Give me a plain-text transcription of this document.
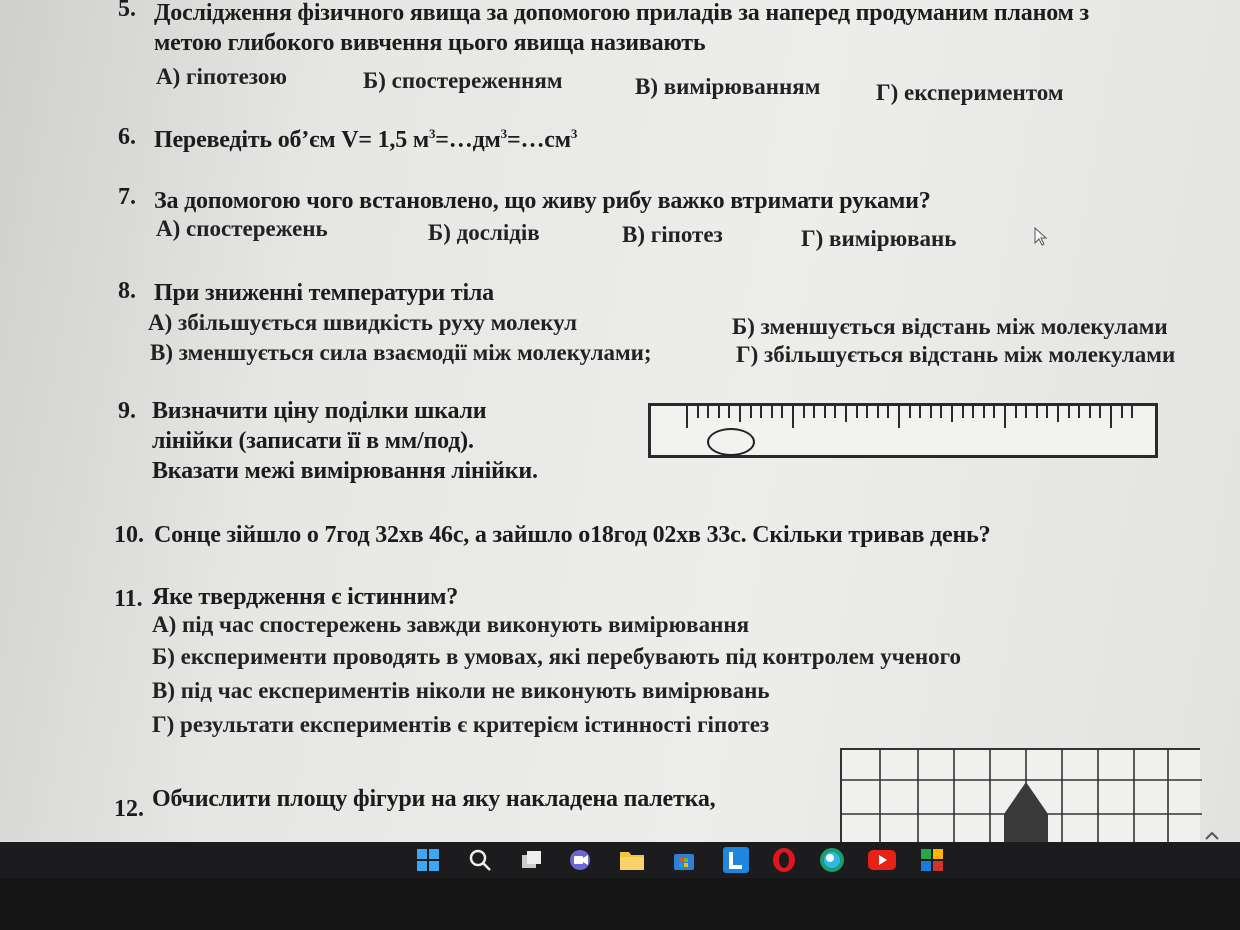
5. Дослідження фізичного явища за допомогою приладів за наперед продуманим планом з
метою глибокого вивчення цього явища називають
А) гіпотезою	Б) спостереженням	В) вимірюванням Г) експериментом
6. Переведіть об’єм V= 1,5 $м^3=\dots дм^3=\dots см^3$
7. За допомогою чого встановлено, що живу рибу важко втримати руками?
А) спостережень	Б) дослідів	В) гіпотез	Г) вимірювань
8. При зниженні температури тіла
А) збільшується швидкість руху молекул	Б) зменшується відстань між молекулами
В) зменшується сила взаємодії між молекулами;	Г) збільшується відстань між молекулами
9. Визначити ціну поділки шкали
лінійки (записати її в мм/под).
Вказати межі вимірювання лінійки.
10. Сонце зійшло о 7год 32хв 46с, а зайшло о18год 02хв 33с. Скільки тривав день?
11. Яке твердження є істинним?
А) під час спостережень завжди виконують вимірювання
Б) експерименти проводять в умовах, які перебувають під контролем ученого
В) під час експериментів ніколи не виконують вимірювань
Г) результати експериментів є критерієм істинності гіпотез
12. Обчислити площу фігури на яку накладена палетка,
